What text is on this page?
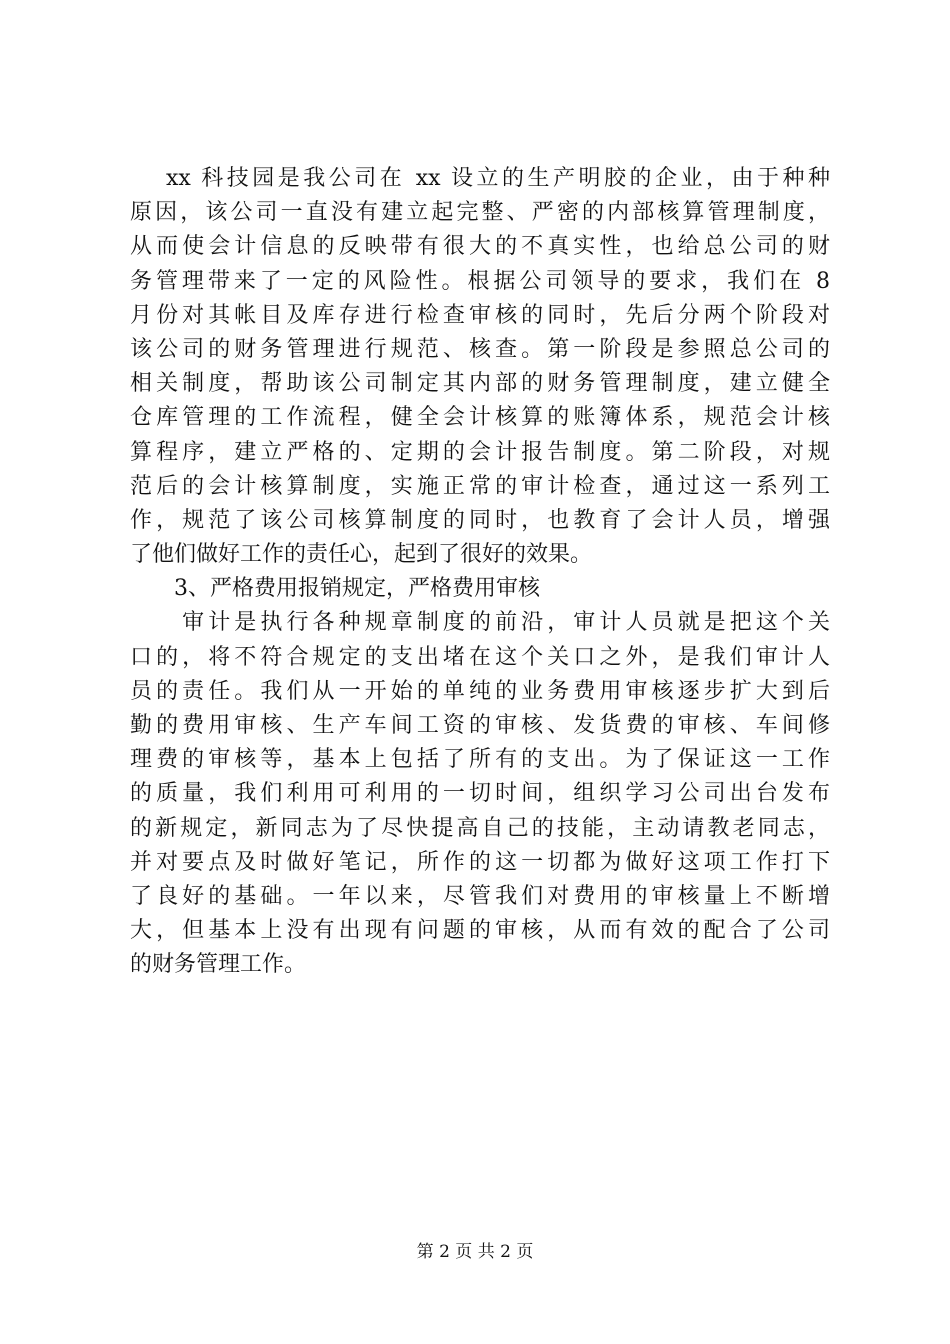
　 xx 科技园是我公司在 xx 设立的生产明胶的企业，由于种种
原因，该公司一直没有建立起完整、严密的内部核算管理制度，
从而使会计信息的反映带有很大的不真实性，也给总公司的财
务管理带来了一定的风险性。根据公司领导的要求，我们在 8
月份对其帐目及库存进行检查审核的同时，先后分两个阶段对
该公司的财务管理进行规范、核查。第一阶段是参照总公司的
相关制度，帮助该公司制定其内部的财务管理制度，建立健全
仓库管理的工作流程，健全会计核算的账簿体系，规范会计核
算程序，建立严格的、定期的会计报告制度。第二阶段，对规
范后的会计核算制度，实施正常的审计检查，通过这一系列工
作，规范了该公司核算制度的同时，也教育了会计人员，增强
了他们做好工作的责任心，起到了很好的效果。
　　3、严格费用报销规定，严格费用审核
　　审计是执行各种规章制度的前沿，审计人员就是把这个关
口的，将不符合规定的支出堵在这个关口之外，是我们审计人
员的责任。我们从一开始的单纯的业务费用审核逐步扩大到后
勤的费用审核、生产车间工资的审核、发货费的审核、车间修
理费的审核等，基本上包括了所有的支出。为了保证这一工作
的质量，我们利用可利用的一切时间，组织学习公司出台发布
的新规定，新同志为了尽快提高自己的技能，主动请教老同志，
并对要点及时做好笔记，所作的这一切都为做好这项工作打下
了良好的基础。一年以来，尽管我们对费用的审核量上不断增
大，但基本上没有出现有问题的审核，从而有效的配合了公司
的财务管理工作。
第 2 页 共 2 页
